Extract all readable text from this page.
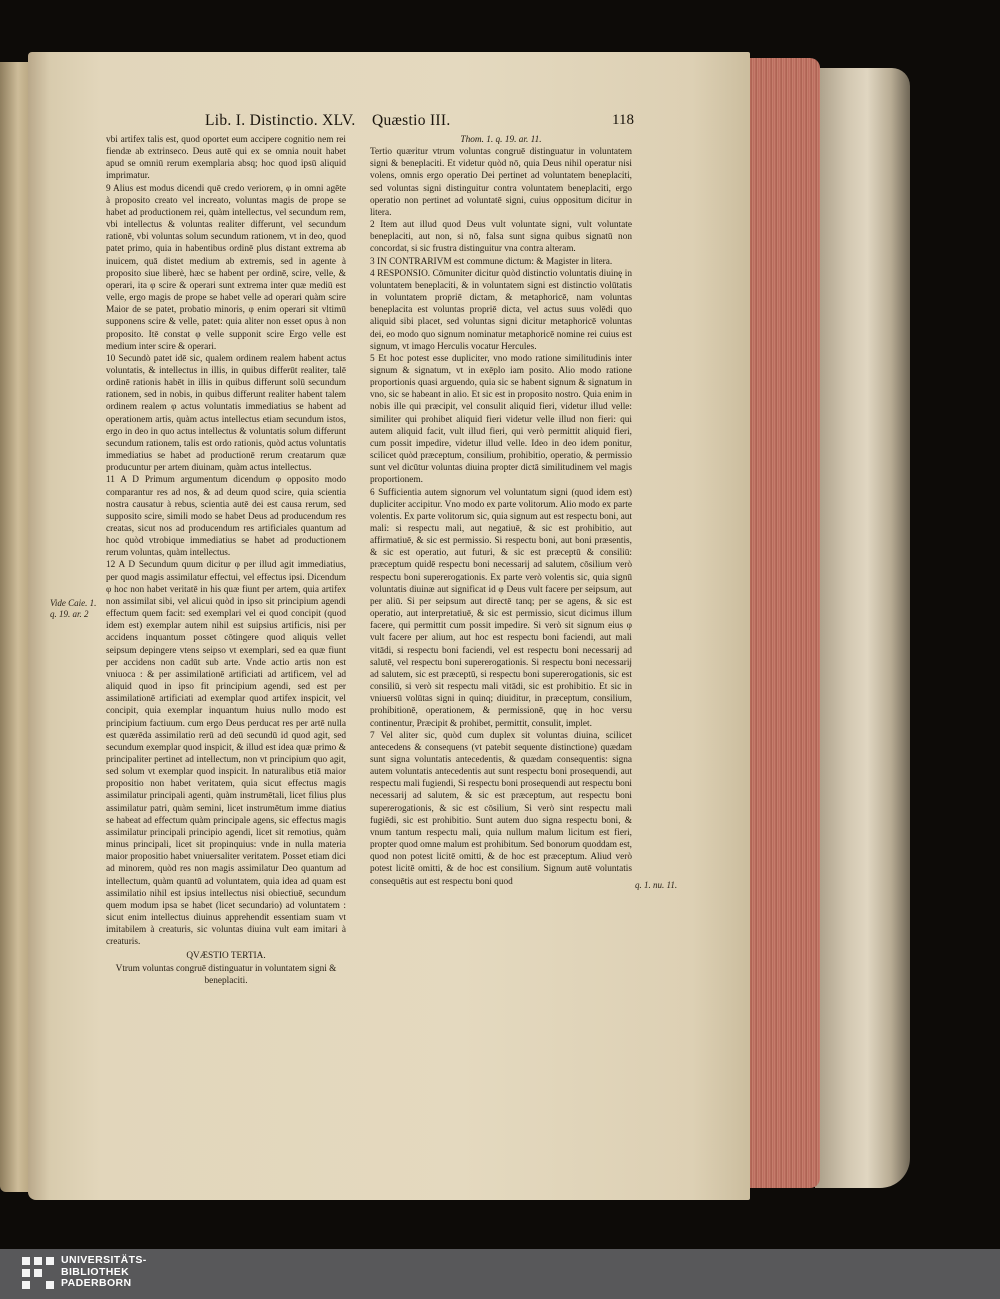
Lib. I. Distinctio. XLV. Quæstio III.	118

vbi artifex talis est, quod oportet eum accipere cognitio nem rei fiendæ ab extrinseco. Deus autē qui ex se omnia nouit habet apud se omniū rerum exemplaria absq; hoc quod ipsū aliquid imprimatur.

9 Alius est modus dicendi quē credo veriorem, φ in omni agēte à proposito creato vel increato, voluntas magis de prope se habet ad productionem rei, quàm intellectus, vel secundum rem, vbi intellectus & voluntas realiter differunt, vel secundum rationē, vbi voluntas solum secundum rationem, vt in deo, quod patet primo, quia in habentibus ordinē plus distant extrema ab inuicem, quā distet medium ab extremis, sed in agente à proposito siue liberè, hæc se habent per ordinē, scire, velle, & operari, ita φ scire & operari sunt extrema inter quæ mediū est velle, ergo magis de prope se habet velle ad operari quàm scire Maior de se patet, probatio minoris, φ enim operari sit vltimū supponens scire & velle, patet: quia aliter non esset opus à non proposito. Itē constat φ velle supponit scire Ergo velle est medium inter scire & operari.

10 Secundò patet idē sic, qualem ordinem realem habent actus voluntatis, & intellectus in illis, in quibus differūt realiter, talē ordinē rationis habēt in illis in quibus differunt solū secundum rationem, sed in nobis, in quibus differunt realiter habent talem ordinem realem φ actus voluntatis immediatius se habent ad operationem artis, quàm actus intellectus etiam secundum istos, ergo in deo in quo actus intellectus & voluntatis solum differunt secundum rationem, talis est ordo rationis, quòd actus voluntatis immediatius se habet ad productionē rerum creatarum quæ producuntur per artem diuinam, quàm actus intellectus.

11 A D Primum argumentum dicendum φ opposito modo comparantur res ad nos, & ad deum quod scire, quia scientia nostra causatur à rebus, scientia autē dei est causa rerum, sed supposito scire, simili modo se habet Deus ad producendum res creatas, sicut nos ad producendum res artificiales quantum ad hoc quòd vtrobique immediatius se habet ad productionem rerum voluntas, quàm intellectus.

12 A D Secundum quum dicitur φ per illud agit immediatius, per quod magis assimilatur effectui, vel effectus ipsi. Dicendum φ hoc non habet veritatē in his quæ fiunt per artem, quia artifex non assimilat sibi, vel alicui quòd in ipso sit principium agendi effectum quem facit: sed exemplari vel ei quod concipit (quod idem est) exemplar autem nihil est suipsius artificis, nisi per accidens inquantum posset cōtingere quod aliquis vellet seipsum depingere vtens seipso vt exemplari, sed ea quæ fiunt per accidens non cadūt sub arte. Vnde actio artis non est vniuoca : & per assimilationē artificiati ad artificem, vel ad aliquid quod in ipso fit principium agendi, sed est per assimilationē artificiati ad exemplar quod artifex inspicit, vel concipit, quia exemplar inquantum huius nullo modo est principium factiuum. cum ergo Deus perducat res per artē nulla est quærēda assimilatio rerū ad deū secundū id quod agit, sed secundum exemplar quod inspicit, & illud est idea quæ primo & principaliter pertinet ad intellectum, non vt principium quo agit, sed solum vt exemplar quod inspicit. In naturalibus etiā maior propositio non habet veritatem, quia sicut effectus magis assimilatur principali agenti, quàm instrumētali, licet filius plus assimilatur patri, quàm semini, licet instrumētum imme diatius se habeat ad effectum quàm principale agens, sic effectus magis assimilatur principali principio agendi, licet sit remotius, quàm minus principali, licet sit propinquius: vnde in nulla materia maior propositio habet vniuersaliter veritatem. Posset etiam dici ad minorem, quòd res non magis assimilatur Deo quantum ad intellectum, quàm quantū ad voluntatem, quia idea ad quam est assimilatio nihil est ipsius intellectus nisi obiectiuē, secundum quem modum ipsa se habet (licet secundario) ad voluntatem : sicut enim intellectus diuinus apprehendit essentiam suam vt imitabilem à creaturis, sic voluntas diuina vult eam imitari à creaturis.

QVÆSTIO TERTIA.

Vtrum voluntas congruē distinguatur in voluntatem signi & beneplaciti.

Thom. 1. q. 19. ar. 11.

Tertio quæritur vtrum voluntas congruē distinguatur in voluntatem signi & beneplaciti. Et videtur quòd nō, quia Deus nihil operatur nisi volens, omnis ergo operatio Dei pertinet ad voluntatem beneplaciti, sed voluntas signi distinguitur contra voluntatem beneplaciti, ergo operatio non pertinet ad voluntatē signi, cuius oppositum dicitur in litera.

2 Item aut illud quod Deus vult voluntate signi, vult voluntate beneplaciti, aut non, si nō, falsa sunt signa quibus signatū non concordat, si sic frustra distinguitur vna contra alteram.

3 IN CONTRARIVM est commune dictum: & Magister in litera.

4 RESPONSIO. Cōmuniter dicitur quòd distinctio voluntatis diuinę in voluntatem beneplaciti, & in voluntatem signi est distinctio volūtatis in voluntatem propriē dictam, & metaphoricē, nam voluntas beneplacita est voluntas propriē dicta, vel actus suus volēdi quo aliquid sibi placet, sed voluntas signi dicitur metaphoricē voluntas dei, eo modo quo signum nominatur metaphoricē nomine rei cuius est signum, vt imago Herculis vocatur Hercules.

5 Et hoc potest esse dupliciter, vno modo ratione similitudinis inter signum & signatum, vt in exēplo iam posito. Alio modo ratione proportionis quasi arguendo, quia sic se habent signum & signatum in vno, sic se habeant in alio. Et sic est in proposito nostro. Quia enim in nobis ille qui præcipit, vel consulit aliquid fieri, videtur illud velle: similiter qui prohibet aliquid fieri videtur velle illud non fieri: qui autem aliquid facit, vult illud fieri, qui verò permittit aliquid fieri, cum possit impedire, videtur illud velle. Ideo in deo idem ponitur, scilicet quòd præceptum, consilium, prohibitio, operatio, & permissio sunt vel dicūtur voluntas diuina propter dictā similitudinem vel magis proportionem.

6 Sufficientia autem signorum vel voluntatum signi (quod idem est) dupliciter accipitur. Vno modo ex parte volitorum. Alio modo ex parte volentis. Ex parte volitorum sic, quia signum aut est respectu boni, aut mali: si respectu mali, aut negatiuē, & sic est prohibitio, aut affirmatiuē, & sic est permissio. Si respectu boni, aut boni præsentis, & sic est operatio, aut futuri, & sic est præceptū & consiliū: præceptum quidē respectu boni necessarij ad salutem, cōsilium verò respectu boni supererogationis. Ex parte verò volentis sic, quia signū voluntatis diuinæ aut significat id φ Deus vult facere per seipsum, aut per aliū. Si per seipsum aut directē tanq; per se agens, & sic est operatio, aut interpretatiuē, & sic est permissio, sicut dicimus illum facere, qui permittit cum possit impedire. Si verò sit signum eius φ vult facere per alium, aut hoc est respectu boni faciendi, aut mali vitādi, si respectu boni faciendi, vel est respectu boni necessarij ad salutē, vel respectu boni supererogationis. Si respectu boni necessarij ad salutem, sic est præceptū, si respectu boni supererogationis, sic est consiliū, si verò sit respectu mali vitādi, sic est prohibitio. Et sic in vniuersū volūtas signi in quinq; diuiditur, in præceptum, consilium, prohibitionē, operationem, & permissionē, quę in hoc versu continentur, Præcipit & prohibet, permittit, consulit, implet.

7 Vel aliter sic, quòd cum duplex sit voluntas diuina, scilicet antecedens & consequens (vt patebit sequente distinctione) quædam sunt signa voluntatis antecedentis, & quædam consequentis: signa autem voluntatis antecedentis aut sunt respectu boni prosequendi, aut respectu mali fugiendi, Si respectu boni prosequendi aut respectu boni necessarij ad salutem, & sic est præceptum, aut respectu boni supererogationis, & sic est cōsilium, Si verò sint respectu mali fugiēdi, sic est prohibitio. Sunt autem duo signa respectu boni, & vnum tantum respectu mali, quia nullum malum licitum est fieri, propter quod omne malum est prohibitum. Sed bonorum quoddam est, quod non potest licitē omitti, & de hoc est præceptum. Aliud verò potest licitē omitti, & de hoc est consilium. Signum autē voluntatis consequētis aut est respectu boni quod

Vide Caie. 1. q. 19. ar. 2
q. 1. nu. 11.
UNIVERSITÄTS-
BIBLIOTHEK
PADERBORN
